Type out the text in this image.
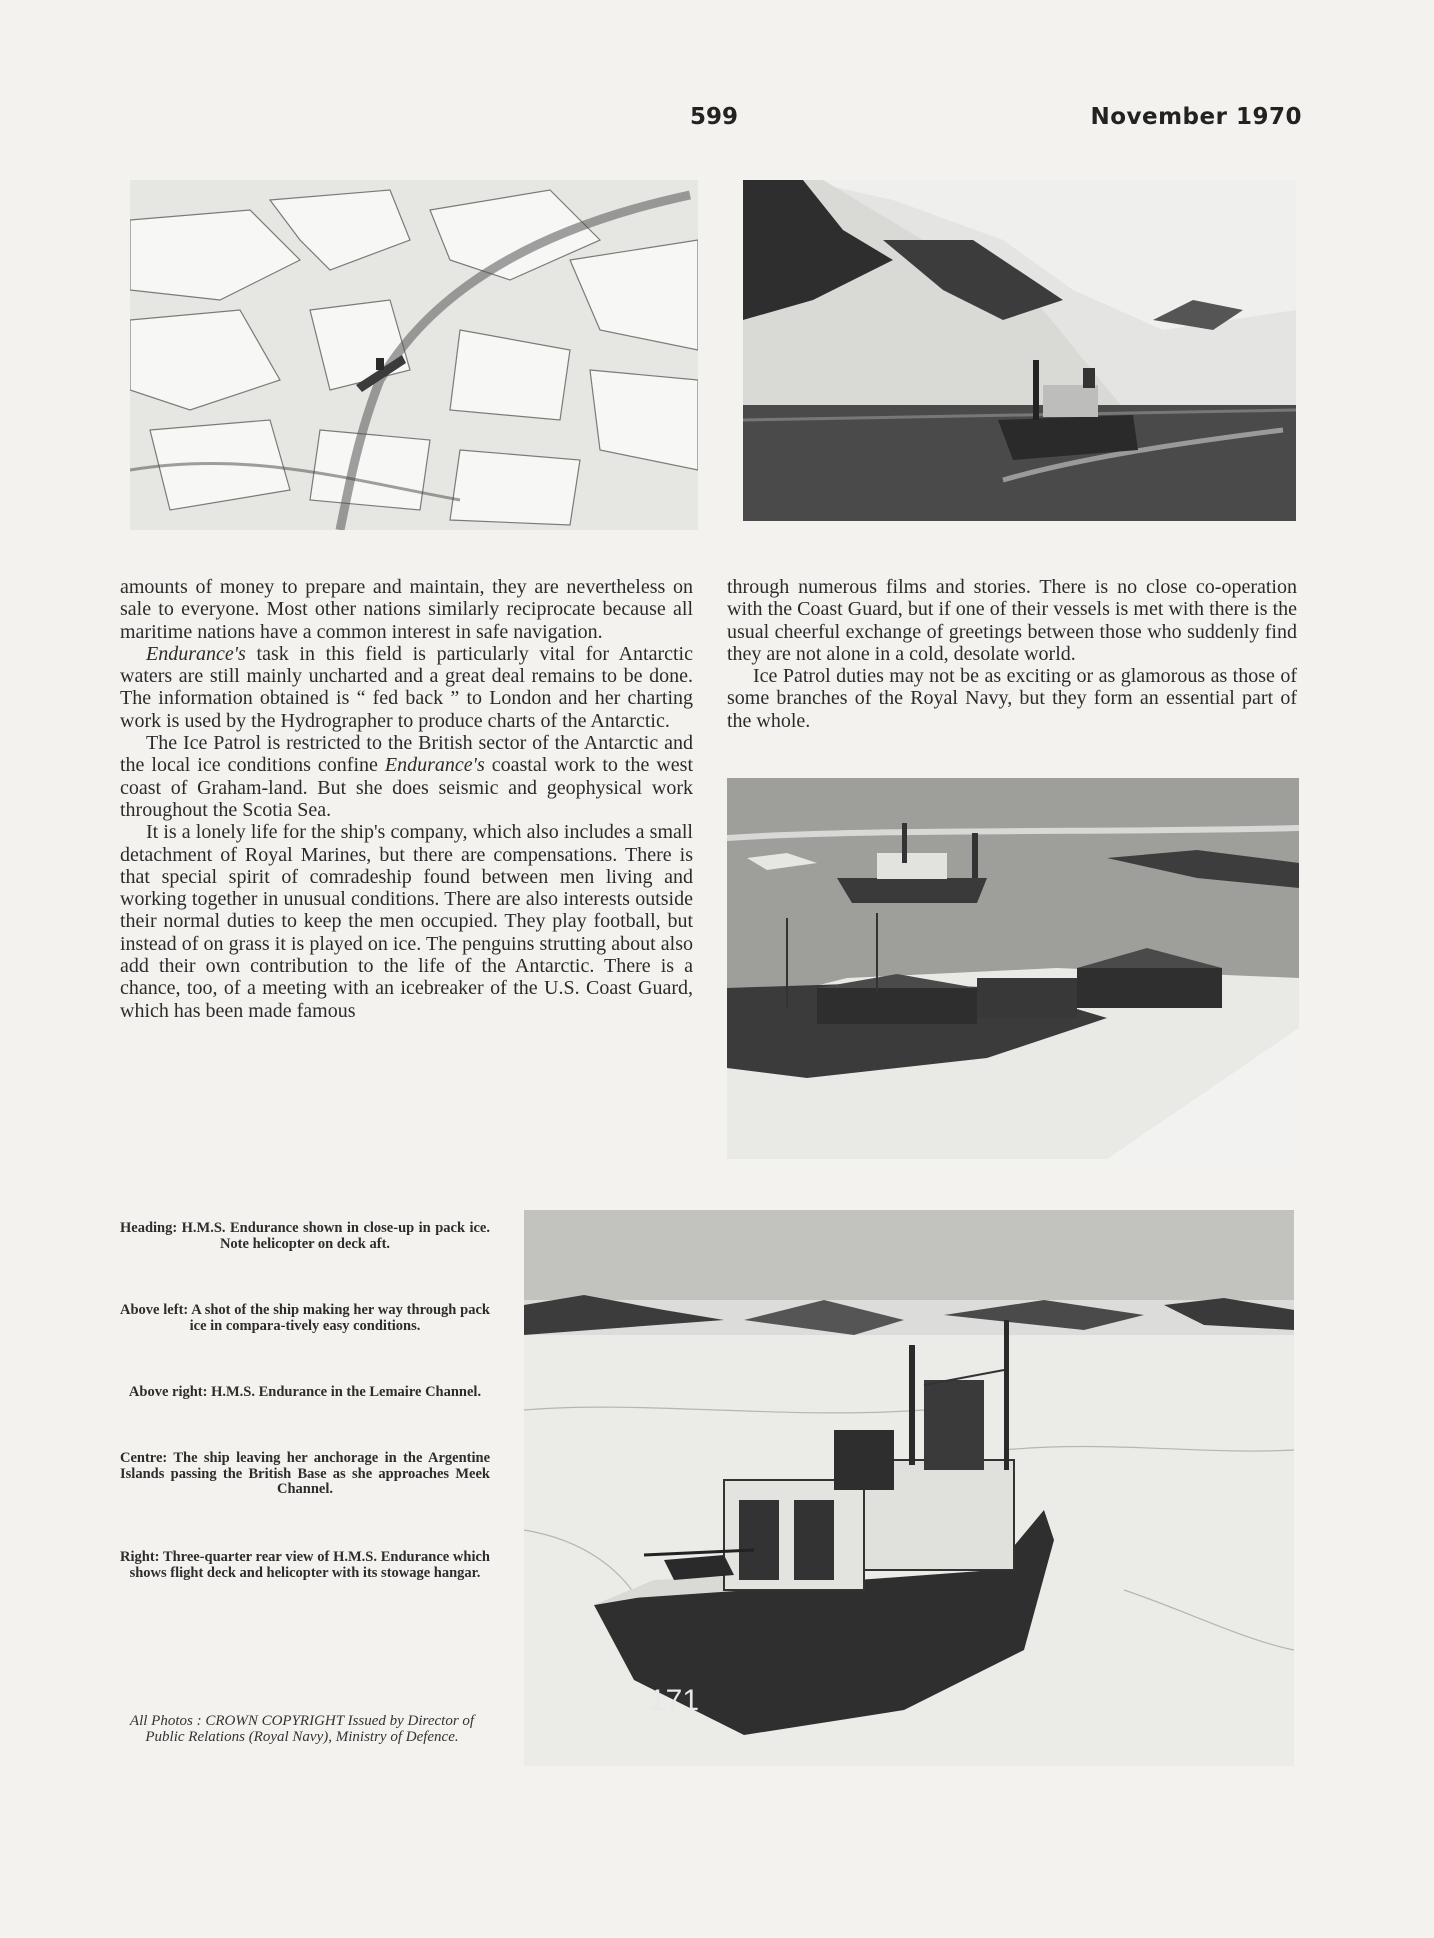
599	November 1970

amounts of money to prepare and maintain, they are nevertheless on sale to everyone. Most other nations similarly reciprocate because all maritime nations have a common interest in safe navigation.

Endurance's task in this field is particularly vital for Antarctic waters are still mainly uncharted and a great deal remains to be done. The information obtained is “ fed back ” to London and her charting work is used by the Hydrographer to produce charts of the Antarctic.

The Ice Patrol is restricted to the British sector of the Antarctic and the local ice conditions confine Endurance's coastal work to the west coast of Graham-land. But she does seismic and geophysical work throughout the Scotia Sea.

It is a lonely life for the ship's company, which also includes a small detachment of Royal Marines, but there are compensations. There is that special spirit of comradeship found between men living and working together in unusual conditions. There are also interests outside their normal duties to keep the men occupied. They play football, but instead of on grass it is played on ice. The penguins strutting about also add their own contribution to the life of the Antarctic. There is a chance, too, of a meeting with an icebreaker of the U.S. Coast Guard, which has been made famous

through numerous films and stories. There is no close co-operation with the Coast Guard, but if one of their vessels is met with there is the usual cheerful exchange of greetings between those who suddenly find they are not alone in a cold, desolate world.

Ice Patrol duties may not be as exciting or as glamorous as those of some branches of the Royal Navy, but they form an essential part of the whole.

Heading: H.M.S. Endurance shown in close-up in pack ice. Note helicopter on deck aft.
Above left: A shot of the ship making her way through pack ice in compara-tively easy conditions.
Above right: H.M.S. Endurance in the Lemaire Channel.
Centre: The ship leaving her anchorage in the Argentine Islands passing the British Base as she approaches Meek Channel.
Right: Three-quarter rear view of H.M.S. Endurance which shows flight deck and helicopter with its stowage hangar.
All Photos : CROWN COPYRIGHT Issued by Director of Public Relations (Royal Navy), Ministry of Defence.
171
